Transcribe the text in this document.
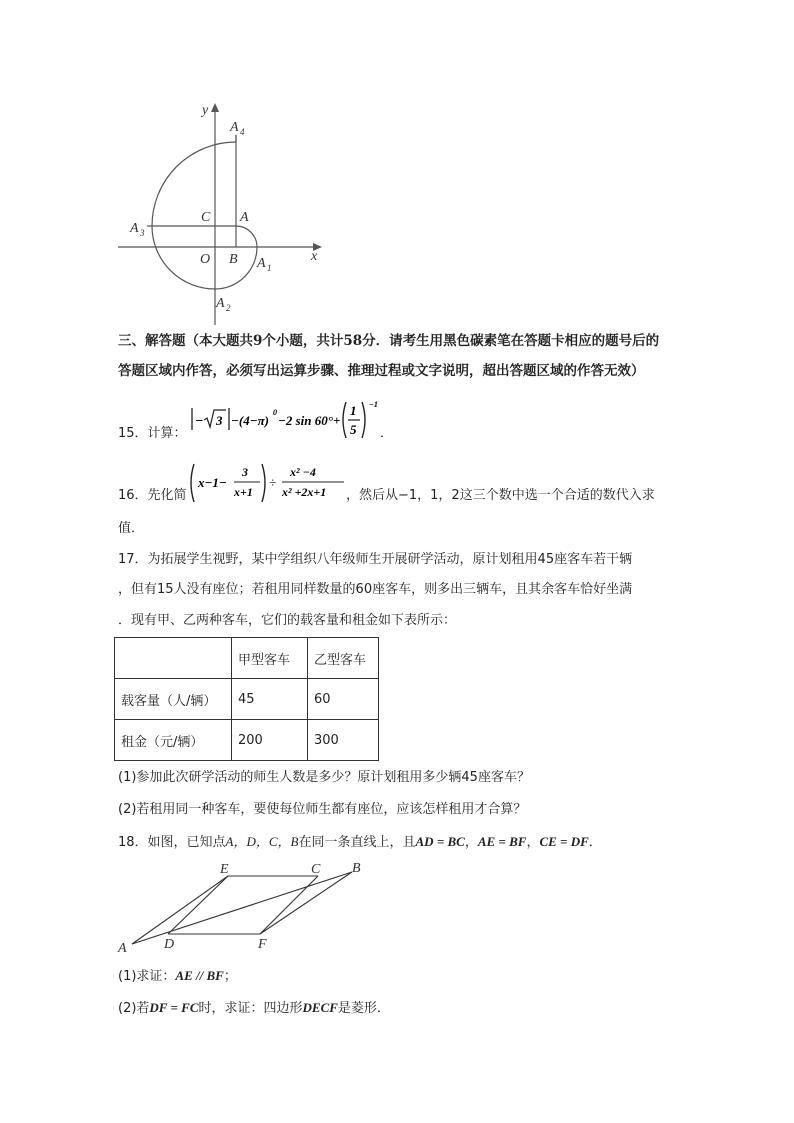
y
x
A 4
C A
A 3
O B A 1
A 2
三、解答题（本大题共9个小题，共计58分．请考生用黑色碳素笔在答题卡相应的题号后的
答题区域内作答，必须写出运算步骤、推理过程或文字说明，超出答题区域的作答无效）
15．计算：
− 3 −(4−π)
0
−2 sin 60°+
1
5
−1
．
16．先化简
x−1−
3
x+1
÷
x² −4
x² +2x+1 ，然后从−1，1，2这三个数中选一个合适的数代入求
值．
17．为拓展学生视野，某中学组织八年级师生开展研学活动，原计划租用45座客车若干辆
，但有15人没有座位；若租用同样数量的60座客车，则多出三辆车，且其余客车恰好坐满
．现有甲、乙两种客车，它们的载客量和租金如下表所示：
	甲型客车	乙型客车
载客量（人/辆）	45	60
租金（元/辆）	200	300
(1)参加此次研学活动的师生人数是多少？原计划租用多少辆45座客车？
(2)若租用同一种客车，要使每位师生都有座位，应该怎样租用才合算？
18．如图，已知点A，D，C，B在同一条直线上，且AD = BC，AE = BF，CE = DF．
E	C B
A	D	F
(1)求证：AE // BF；
(2)若DF = FC时，求证：四边形DECF是菱形．
